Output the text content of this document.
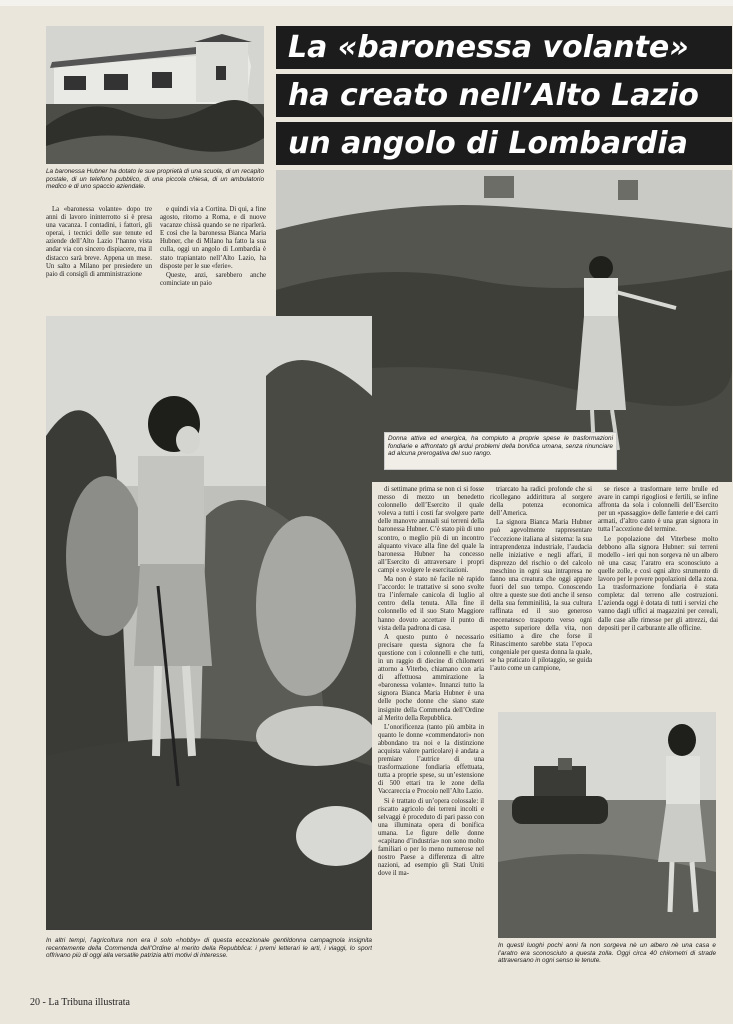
La baronessa Hubner ha dotato le sue proprietà di una scuola, di un recapito postale, di un telefono pubblico, di una piccola chiesa, di un ambulatorio medico e di uno spaccio aziendale.

La «baronessa volante»
ha creato nell’Alto Lazio
un angolo di Lombardia

Donna attiva ed energica, ha compiuto a proprie spese le trasformazioni fondiarie e affrontato gli ardui problemi della bonifica umana, senza rinunciare ad alcuna prerogativa del suo rango.

La «baronessa volante» dopo tre anni di lavoro ininterrotto si è presa una vacanza. I contadini, i fattori, gli operai, i tecnici delle sue tenute ed aziende dell’Alto Lazio l’hanno vista andar via con sincero dispiacere, ma il distacco sarà breve. Appena un mese. Un salto a Milano per presiedere un paio di consigli di amministrazione

e quindi via a Cortina. Di qui, a fine agosto, ritorno a Roma, e di nuove vacanze chissà quando se ne riparlerà. E così che la baronessa Bianca Maria Hubner, che di Milano ha fatto la sua culla, oggi un angolo di Lombardia è stato trapiantato nell’Alto Lazio, ha disposte per le sue «ferie».

Queste, anzi, sarebbero anche cominciate un paio

In altri tempi, l’agricoltura non era il solo «hobby» di questa eccezionale gentildonna campagnola insignita recentemente della Commenda dell’Ordine al merito della Repubblica: i premi letterari le arti, i viaggi, lo sport offrivano più di oggi alla versatile patrizia altri motivi di interesse.

di settimane prima se non ci si fosse messo di mezzo un benedetto colonnello dell’Esercito il quale voleva a tutti i costi far svolgere parte delle manovre annuali sui terreni della baronessa Hubner. C’è stato più di uno scontro, o meglio più di un incontro alquanto vivace alla fine del quale la baronessa Hubner ha concesso all’Esercito di attraversare i propri campi e svolgere le esercitazioni.

Ma non è stato nè facile nè rapido l’accordo: le trattative si sono svolte tra l’infernale canicola di luglio al centro della tenuta. Alla fine il colonnello ed il suo Stato Maggiore hanno dovuto accettare il punto di vista della padrona di casa.

A questo punto è necessario precisare questa signora che fa questione con i colonnelli e che tutti, in un raggio di diecine di chilometri attorno a Viterbo, chiamano con aria di affettuosa ammirazione la «baronessa volante». Innanzi tutto la signora Bianca Maria Hubner è una delle poche donne che siano state insignite della Commenda dell’Ordine al Merito della Repubblica.

L’onorificenza (tanto più ambita in quanto le donne «commendatori» non abbondano tra noi e la distinzione acquista valore particolare) è andata a premiare l’autrice di una trasformazione fondiaria effettuata, tutta a proprie spese, su un’estensione di 500 ettari tra le zone della Vaccareccia e Procoio nell’Alto Lazio.

Si è trattato di un’opera colossale: il riscatto agricolo dei terreni incolti e selvaggi è proceduto di pari passo con una illuminata opera di bonifica umana. Le figure delle donne «capitano d’industria» non sono molto familiari o per lo meno numerose nel nostro Paese a differenza di altre nazioni, ad esempio gli Stati Uniti dove il ma-

triarcato ha radici profonde che si ricollegano addirittura al sorgere della potenza economica dell’America.

La signora Bianca Maria Hubner può agevolmente rappresentare l’eccezione italiana al sistema: la sua intraprendenza industriale, l’audacia nelle iniziative e negli affari, il disprezzo del rischio o del calcolo meschino in ogni sua intrapresa ne fanno una creatura che oggi appare fuori del suo tempo. Conoscendo oltre a queste sue doti anche il senso della sua femminilità, la sua cultura raffinata ed il suo generoso mecenatesco trasporto verso ogni aspetto superiore della vita, non esitiamo a dire che forse il Rinascimento sarebbe stata l’epoca congeniale per questa donna la quale, se ha praticato il pilotaggio, se guida l’auto come un campione,

se riesce a trasformare terre brulle ed avare in campi rigogliosi e fertili, se infine affronta da sola i colonnelli dell’Esercito per un «passaggio» delle fanterie e dei carri armati, d’altro canto è una gran signora in tutta l’accezione del termine.

Le popolazione del Viterbese molto debbono alla signora Hubner: sui terreni modello - ieri qui non sorgeva nè un albero nè una casa; l’aratro era sconosciuto a quelle zolle, e così ogni altro strumento di lavoro per le povere popolazioni della zona. La trasformazione fondiaria è stata completa: dal terreno alle costruzioni. L’azienda oggi è dotata di tutti i servizi che vanno dagli uffici ai magazzini per cereali, dalle case alle rimesse per gli attrezzi, dai depositi per il carburante alle officine.

In questi luoghi pochi anni fa non sorgeva nè un albero nè una casa e l’aratro era sconosciuto a questa zolla. Oggi circa 40 chilometri di strade attraversano in ogni senso le tenute.

20 - La Tribuna illustrata
